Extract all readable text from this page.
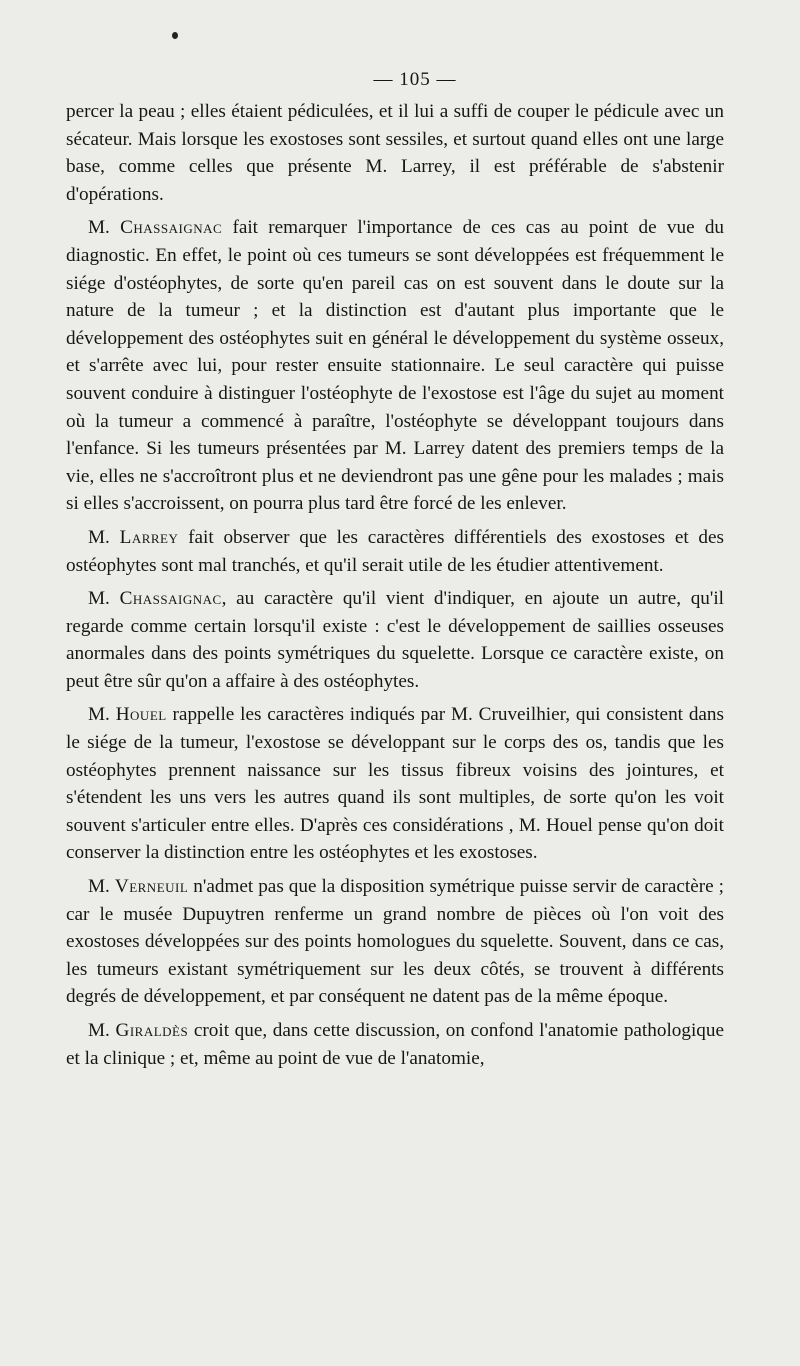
— 105 —

percer la peau ; elles étaient pédiculées, et il lui a suffi de couper le pédicule avec un sécateur. Mais lorsque les exostoses sont sessiles, et surtout quand elles ont une large base, comme celles que présente M. Larrey, il est préférable de s'abstenir d'opérations.

M. Chassaignac fait remarquer l'importance de ces cas au point de vue du diagnostic. En effet, le point où ces tumeurs se sont développées est fréquemment le siége d'ostéophytes, de sorte qu'en pareil cas on est souvent dans le doute sur la nature de la tumeur ; et la distinction est d'autant plus importante que le développement des ostéophytes suit en général le développement du système osseux, et s'arrête avec lui, pour rester ensuite stationnaire. Le seul caractère qui puisse souvent conduire à distinguer l'ostéophyte de l'exostose est l'âge du sujet au moment où la tumeur a commencé à paraître, l'ostéophyte se développant toujours dans l'enfance. Si les tumeurs présentées par M. Larrey datent des premiers temps de la vie, elles ne s'accroîtront plus et ne deviendront pas une gêne pour les malades ; mais si elles s'accroissent, on pourra plus tard être forcé de les enlever.

M. Larrey fait observer que les caractères différentiels des exostoses et des ostéophytes sont mal tranchés, et qu'il serait utile de les étudier attentivement.

M. Chassaignac, au caractère qu'il vient d'indiquer, en ajoute un autre, qu'il regarde comme certain lorsqu'il existe : c'est le développement de saillies osseuses anormales dans des points symétriques du squelette. Lorsque ce caractère existe, on peut être sûr qu'on a affaire à des ostéophytes.

M. Houel rappelle les caractères indiqués par M. Cruveilhier, qui consistent dans le siége de la tumeur, l'exostose se développant sur le corps des os, tandis que les ostéophytes prennent naissance sur les tissus fibreux voisins des jointures, et s'étendent les uns vers les autres quand ils sont multiples, de sorte qu'on les voit souvent s'articuler entre elles. D'après ces considérations , M. Houel pense qu'on doit conserver la distinction entre les ostéophytes et les exostoses.

M. Verneuil n'admet pas que la disposition symétrique puisse servir de caractère ; car le musée Dupuytren renferme un grand nombre de pièces où l'on voit des exostoses développées sur des points homologues du squelette. Souvent, dans ce cas, les tumeurs existant symétriquement sur les deux côtés, se trouvent à différents degrés de développement, et par conséquent ne datent pas de la même époque.

M. Giraldès croit que, dans cette discussion, on confond l'anatomie pathologique et la clinique ; et, même au point de vue de l'anatomie,
